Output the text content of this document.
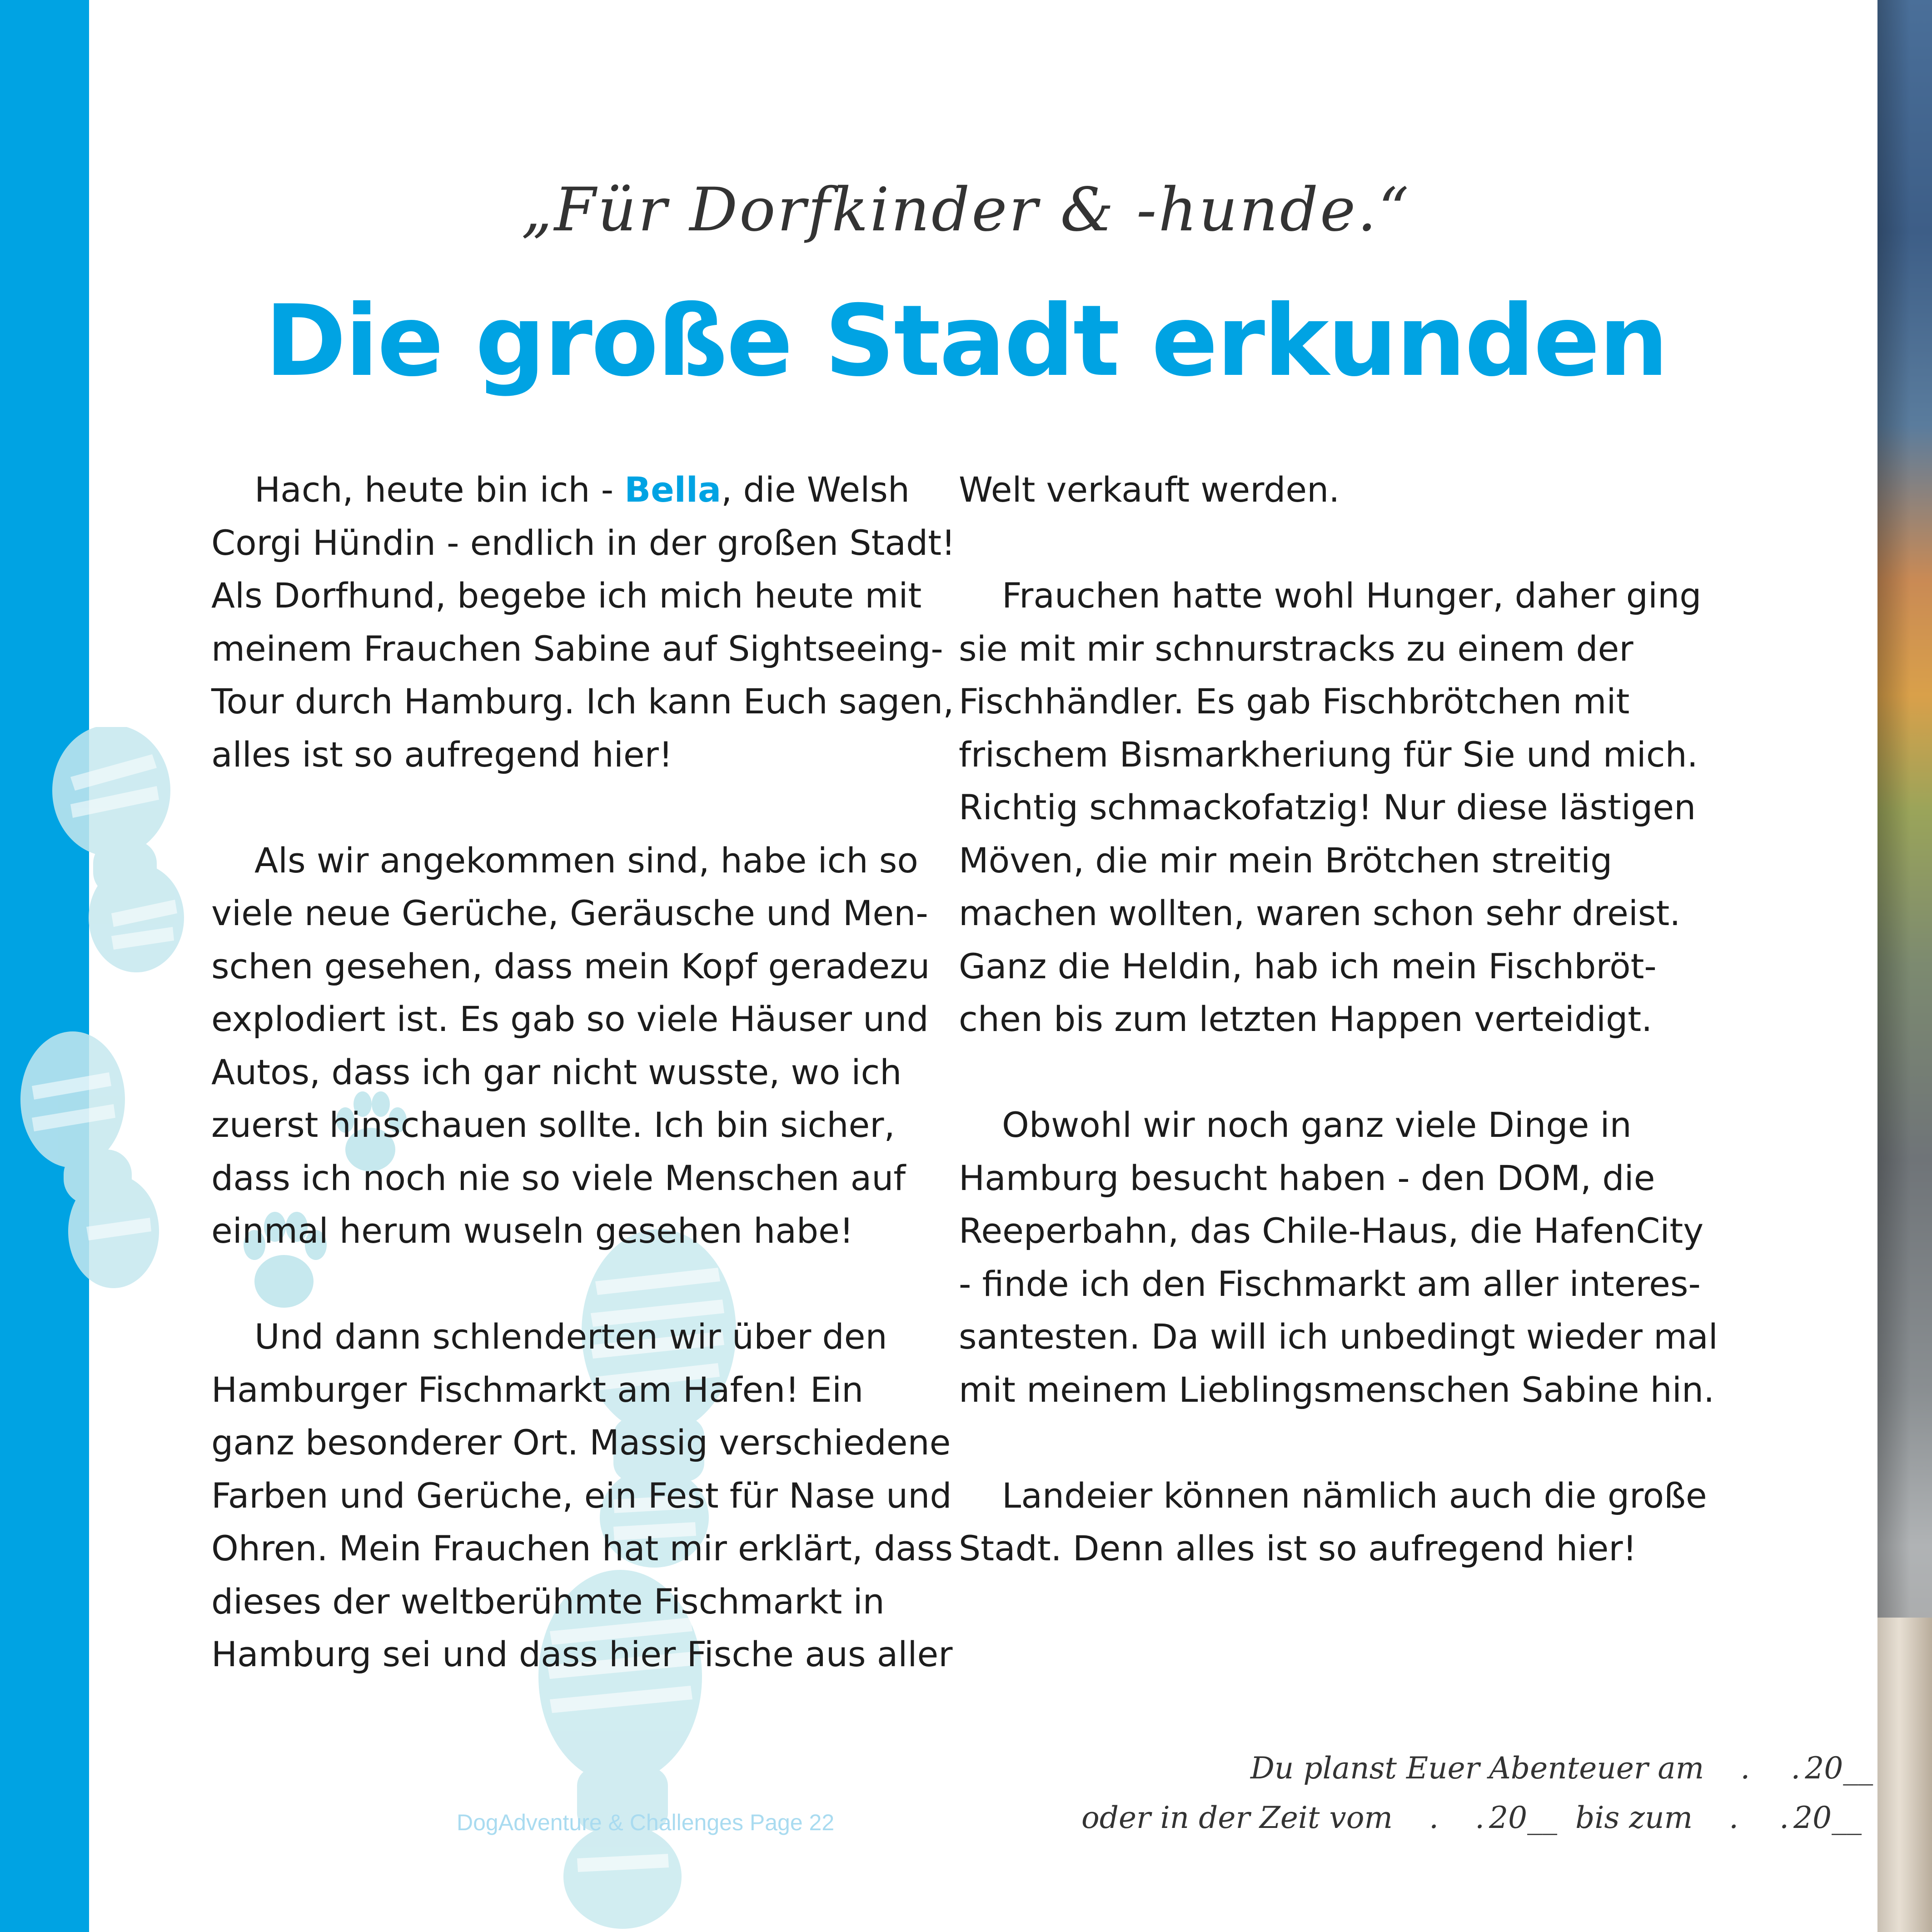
„Für Dorfkinder & -hunde.“
Die große Stadt erkunden

Hach, heute bin ich - Bella, die Welsh
Corgi Hündin - endlich in der großen Stadt!
Als Dorfhund, begebe ich mich heute mit
meinem Frauchen Sabine auf Sightseeing-
Tour durch Hamburg. Ich kann Euch sagen,
alles ist so aufregend hier!

Als wir angekommen sind, habe ich so
viele neue Gerüche, Geräusche und Men-
schen gesehen, dass mein Kopf geradezu
explodiert ist. Es gab so viele Häuser und
Autos, dass ich gar nicht wusste, wo ich
zuerst hinschauen sollte. Ich bin sicher,
dass ich noch nie so viele Menschen auf
einmal herum wuseln gesehen habe!

Und dann schlenderten wir über den
Hamburger Fischmarkt am Hafen! Ein
ganz besonderer Ort. Massig verschiedene
Farben und Gerüche, ein Fest für Nase und
Ohren. Mein Frauchen hat mir erklärt, dass
dieses der weltberühmte Fischmarkt in
Hamburg sei und dass hier Fische aus aller

Welt verkauft werden.

Frauchen hatte wohl Hunger, daher ging
sie mit mir schnurstracks zu einem der
Fischhändler. Es gab Fischbrötchen mit
frischem Bismarkheriung für Sie und mich.
Richtig schmackofatzig! Nur diese lästigen
Möven, die mir mein Brötchen streitig
machen wollten, waren schon sehr dreist.
Ganz die Heldin, hab ich mein Fischbröt-
chen bis zum letzten Happen verteidigt.

Obwohl wir noch ganz viele Dinge in
Hamburg besucht haben - den DOM, die
Reeperbahn, das Chile-Haus, die HafenCity
- finde ich den Fischmarkt am aller interes-
santesten. Da will ich unbedingt wieder mal
mit meinem Lieblingsmenschen Sabine hin.

Landeier können nämlich auch die große
Stadt. Denn alles ist so aufregend hier!

DogAdventure & Challenges Page 22
Du planst Euer Abenteuer am . . 20__
oder in der Zeit vom . . 20__ bis zum . . 20__
